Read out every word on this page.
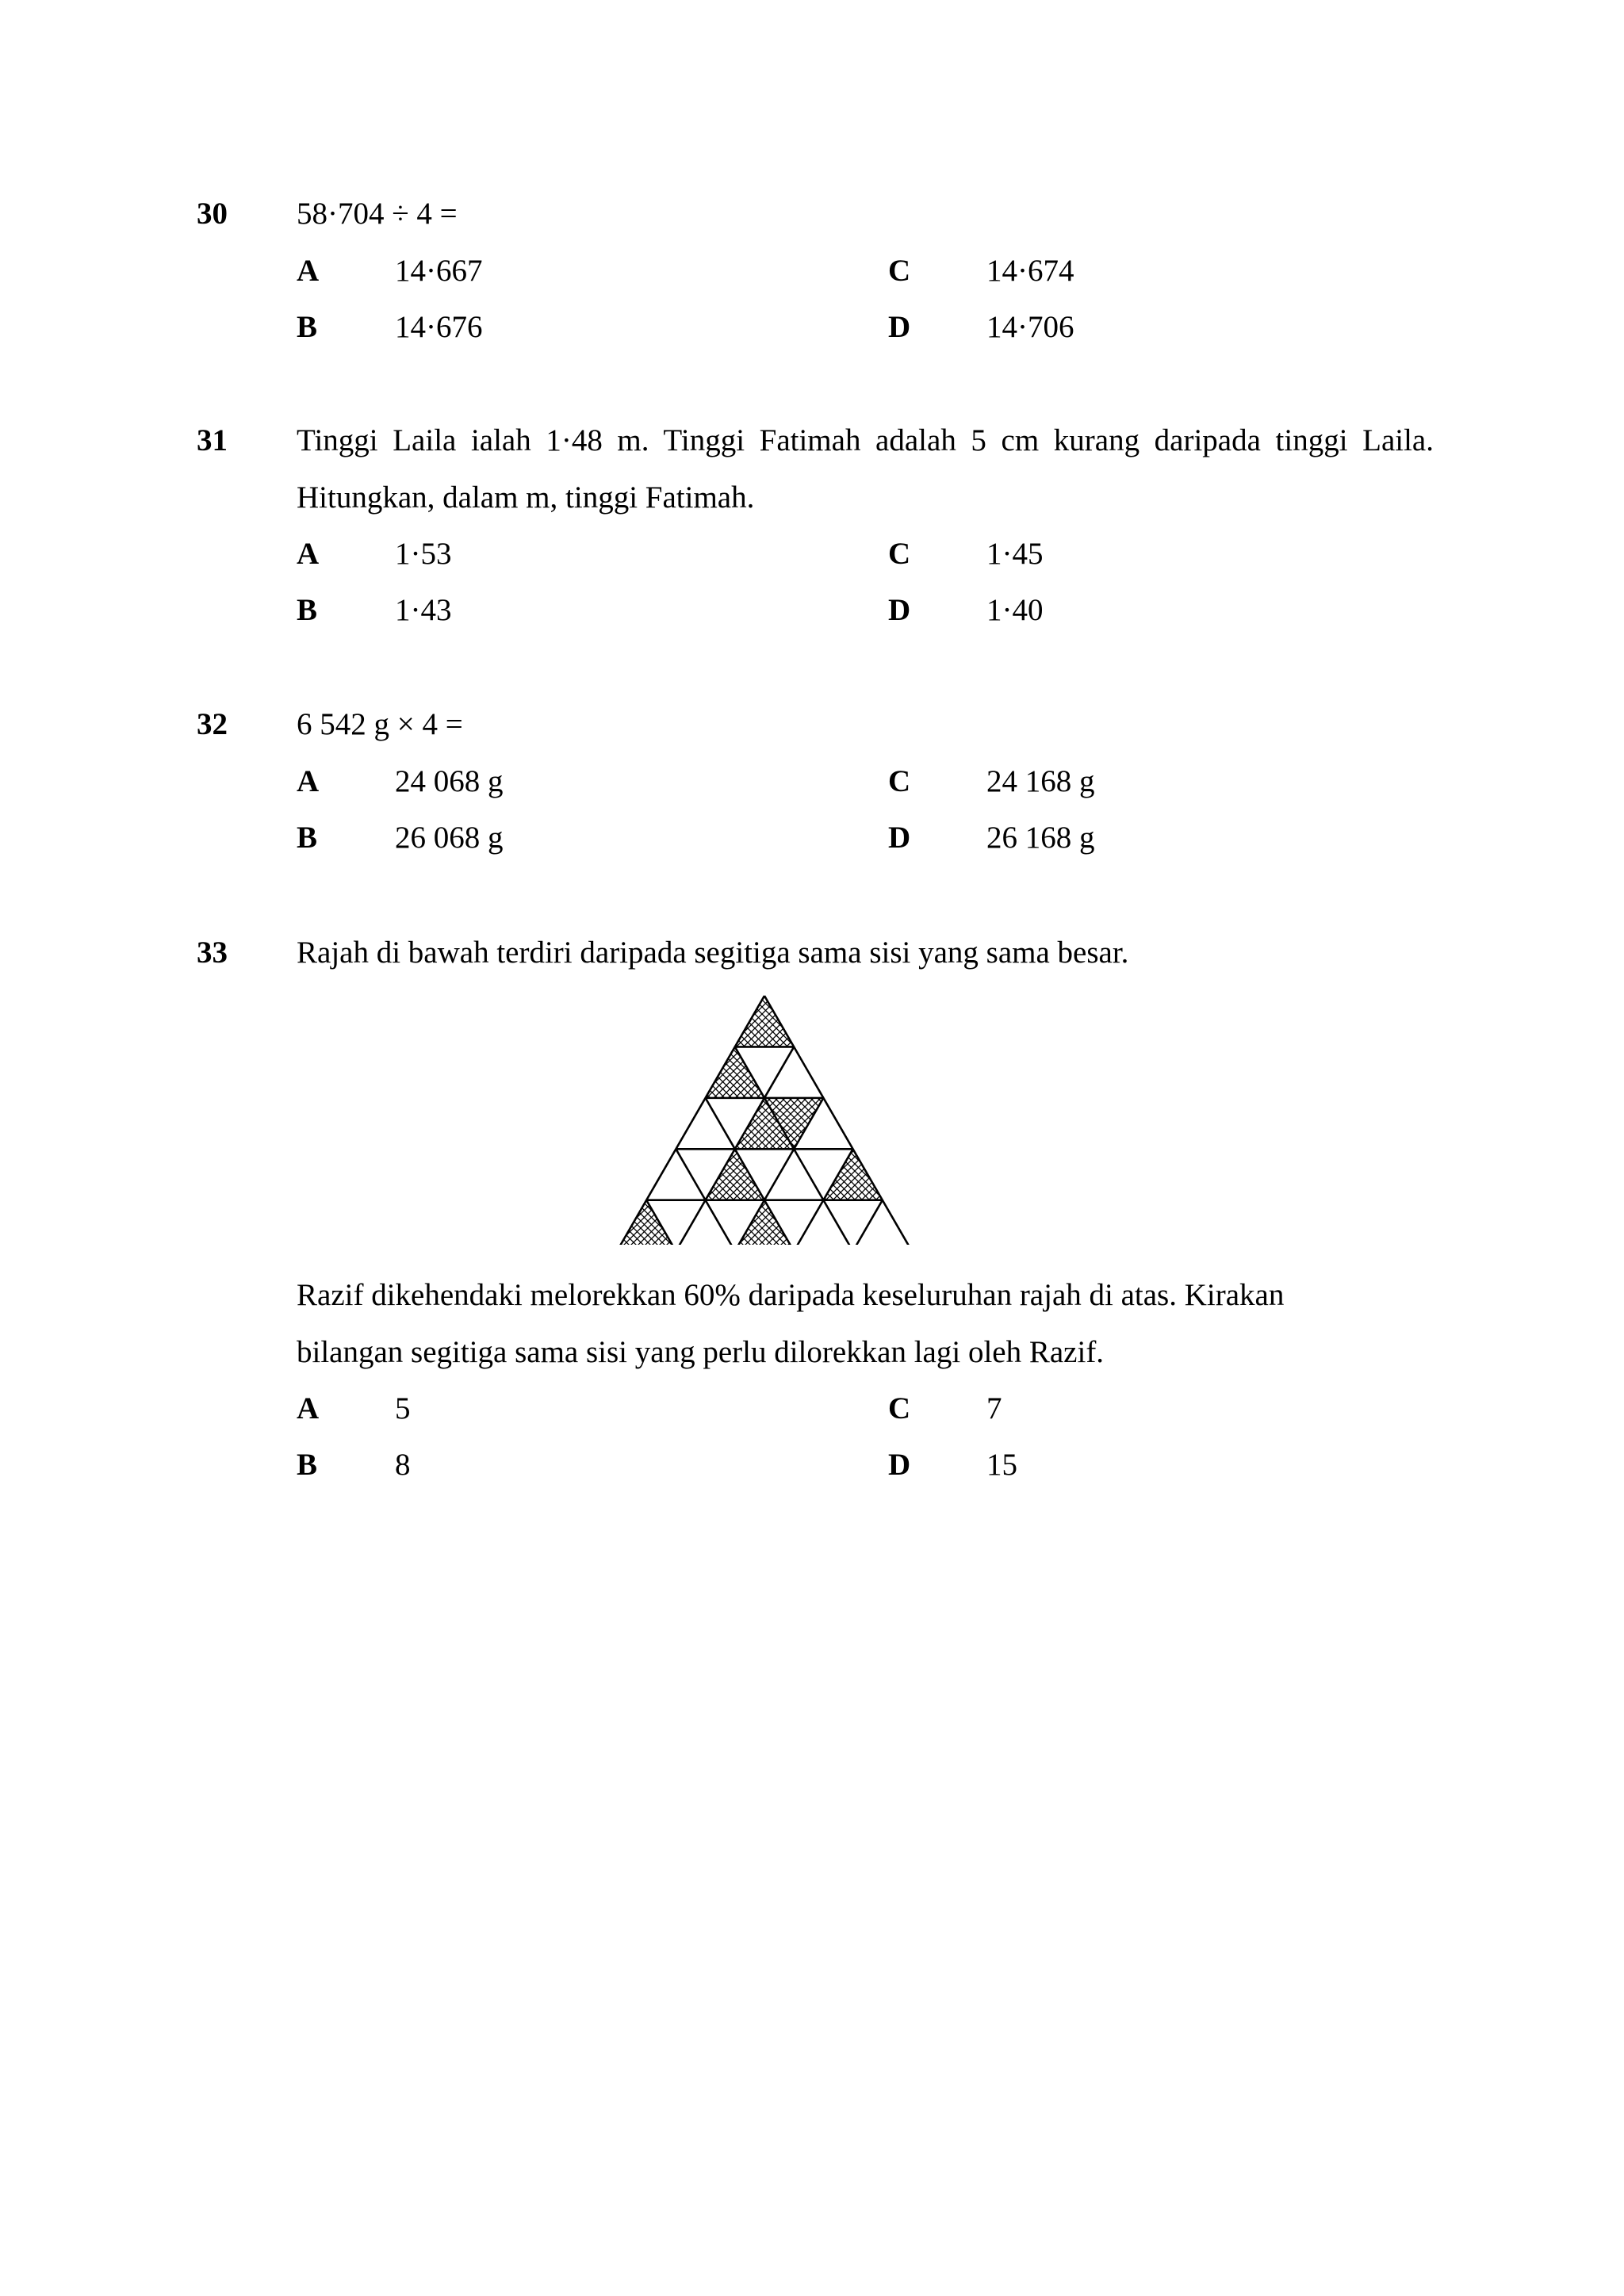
30 58·704 ÷ 4 =
A 14·667	C 14·674
B	14·676	D 14·706
31 Tinggi Laila ialah 1·48 m. Tinggi Fatimah adalah 5 cm kurang daripada tinggi Laila.
Hitungkan, dalam m, tinggi Fatimah.
A 1·53	C 1·45
B	1·43	D 1·40
32 6 542 g × 4 =
A 24 068 g	C 24 168 g
B	26 068 g	D 26 168 g
33 Rajah di bawah terdiri daripada segitiga sama sisi yang sama besar.
Razif dikehendaki melorekkan 60% daripada keseluruhan rajah di atas. Kirakan
bilangan segitiga sama sisi yang perlu dilorekkan lagi oleh Razif.
A 5	C 7
B	8	D 15
